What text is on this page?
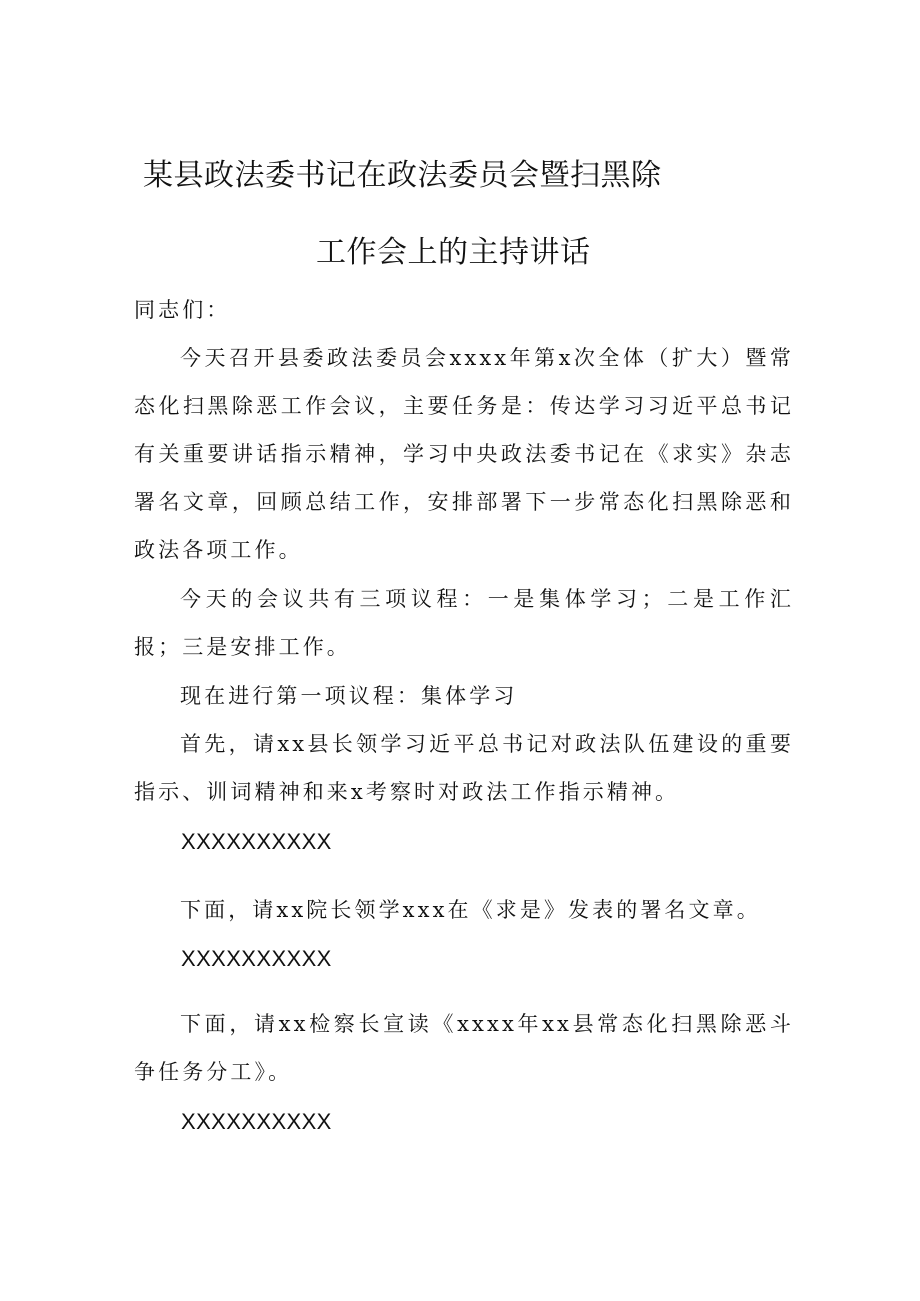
某县政法委书记在政法委员会暨扫黑除
工作会上的主持讲话

同志们：

今天召开县委政法委员会xxxx年第x次全体（扩大）暨常态化扫黑除恶工作会议，主要任务是：传达学习习近平总书记有关重要讲话指示精神，学习中央政法委书记在《求实》杂志署名文章，回顾总结工作，安排部署下一步常态化扫黑除恶和政法各项工作。

今天的会议共有三项议程：一是集体学习；二是工作汇报；三是安排工作。

现在进行第一项议程：集体学习

首先，请xx县长领学习近平总书记对政法队伍建设的重要指示、训词精神和来x考察时对政法工作指示精神。

XXXXXXXXXX

下面，请xx院长领学xxx在《求是》发表的署名文章。

XXXXXXXXXX

下面，请xx检察长宣读《xxxx年xx县常态化扫黑除恶斗争任务分工》。

XXXXXXXXXX
